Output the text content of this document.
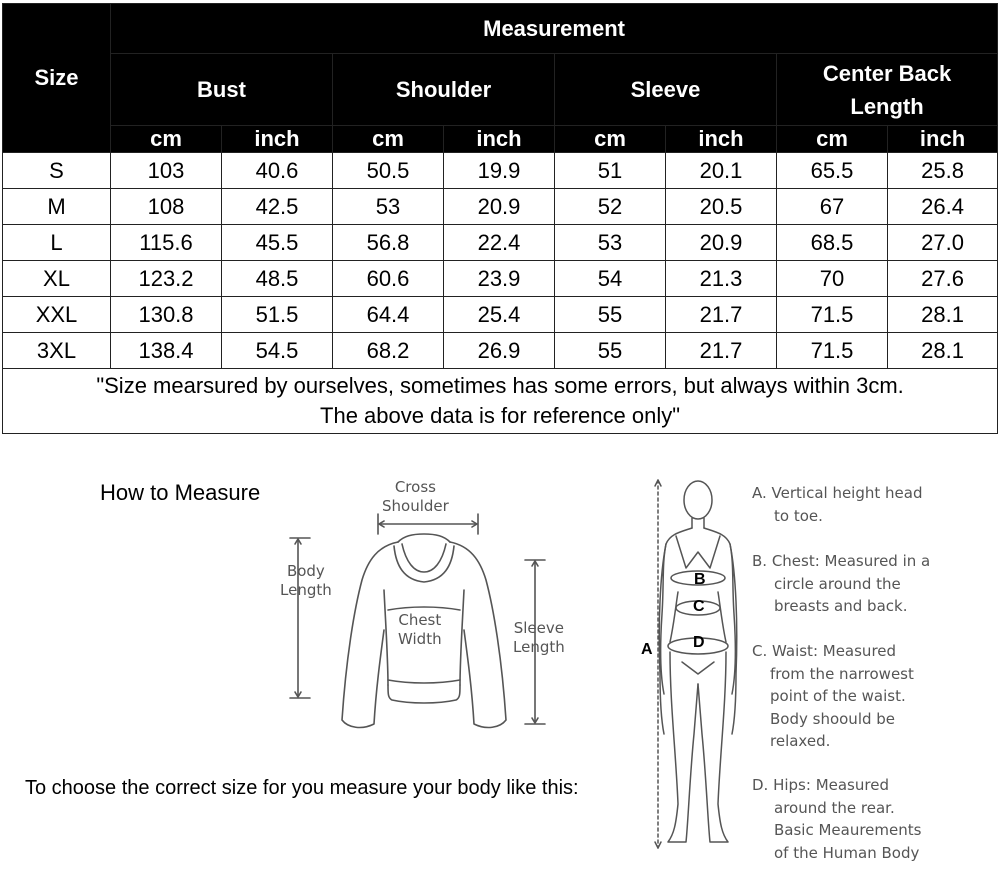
Size	Measurement							
	Bust		Shoulder		Sleeve		Center Back Length	
	cm	inch	cm	inch	cm	inch	cm	inch
S	103	40.6	50.5	19.9	51	20.1	65.5	25.8
M	108	42.5	53	20.9	52	20.5	67	26.4
L	115.6	45.5	56.8	22.4	53	20.9	68.5	27.0
XL	123.2	48.5	60.6	23.9	54	21.3	70	27.6
XXL	130.8	51.5	64.4	25.4	55	21.7	71.5	28.1
3XL	138.4	54.5	68.2	26.9	55	21.7	71.5	28.1
"Size mearsured by ourselves, sometimes has some errors, but always within 3cm.
The above data is for reference only"								
How to Measure
To choose the correct size for you measure your body like this:
Cross
Shoulder
Body
Length
Chest
Width
Sleeve
Length
B
C
D
A
A. Vertical height head
to toe.
B. Chest: Measured in a
circle around the
breasts and back.
C. Waist: Measured
from the narrowest
point of the waist.
Body shoould be
relaxed.
D. Hips: Measured
around the rear.
Basic Meaurements
of the Human Body
